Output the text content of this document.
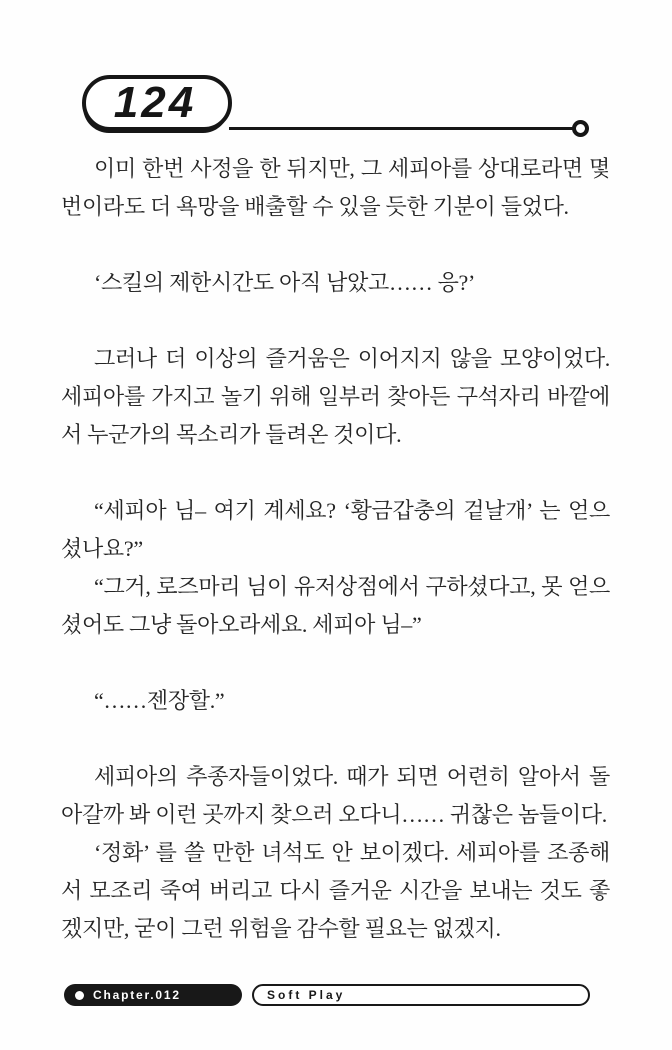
124

이미 한번 사정을 한 뒤지만, 그 세피아를 상대로라면 몇 번이라도 더 욕망을 배출할 수 있을 듯한 기분이 들었다.

‘스킬의 제한시간도 아직 남았고…… 응?’

그러나 더 이상의 즐거움은 이어지지 않을 모양이었다. 세피아를 가지고 놀기 위해 일부러 찾아든 구석자리 바깥에서 누군가의 목소리가 들려온 것이다.

“세피아 님– 여기 계세요? ‘황금갑충의 겉날개’ 는 얻으셨나요?”

“그거, 로즈마리 님이 유저상점에서 구하셨다고, 못 얻으셨어도 그냥 돌아오라세요. 세피아 님–”

“……젠장할.”

세피아의 추종자들이었다. 때가 되면 어련히 알아서 돌아갈까 봐 이런 곳까지 찾으러 오다니…… 귀찮은 놈들이다.

‘정화’ 를 쓸 만한 녀석도 안 보이겠다. 세피아를 조종해서 모조리 죽여 버리고 다시 즐거운 시간을 보내는 것도 좋겠지만, 굳이 그런 위험을 감수할 필요는 없겠지.

Chapter.012	Soft Play
